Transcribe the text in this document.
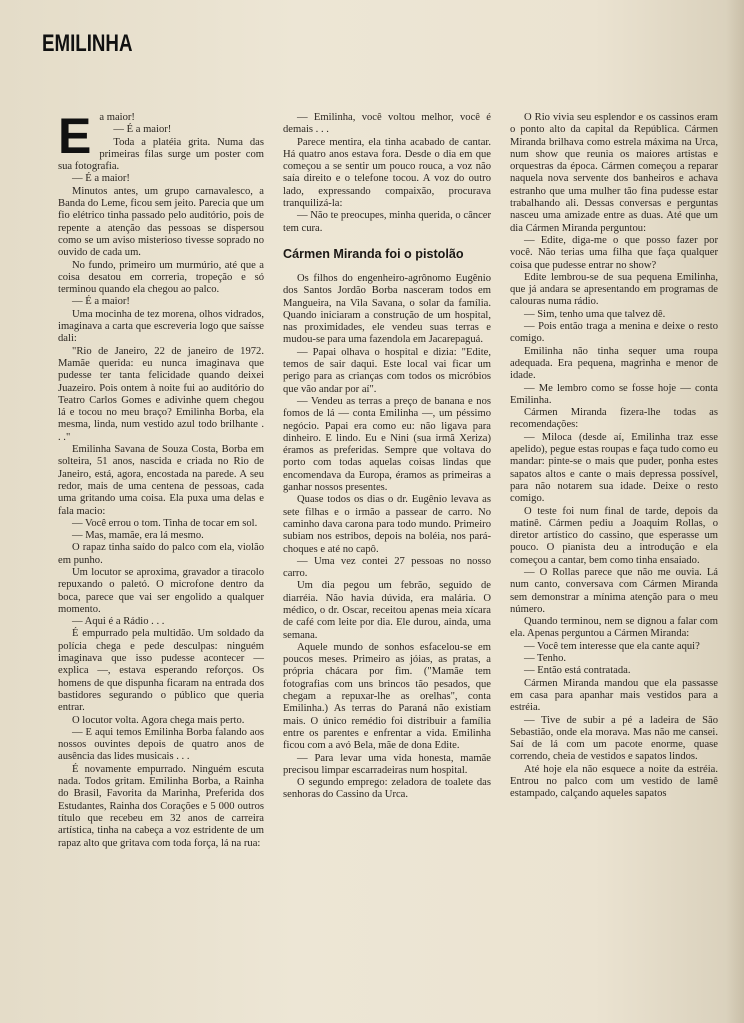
EMILINHA
E a maior!

— É a maior!

Toda a platéia grita. Numa das primeiras filas surge um poster com sua fotografia.

— É a maior!

Minutos antes, um grupo carnavalesco, a Banda do Leme, ficou sem jeito. Parecia que um fio elétrico tinha passado pelo auditório, pois de repente a atenção das pessoas se dispersou como se um aviso misterioso tivesse soprado no ouvido de cada um.

No fundo, primeiro um murmúrio, até que a coisa desatou em correria, tropeção e só terminou quando ela chegou ao palco.

— É a maior!

Uma mocinha de tez morena, olhos vidrados, imaginava a carta que escreveria logo que saísse dali:

"Rio de Janeiro, 22 de janeiro de 1972. Mamãe querida: eu nunca imaginava que pudesse ter tanta felicidade quando deixei Juazeiro. Pois ontem à noite fui ao auditório do Teatro Carlos Gomes e adivinhe quem chegou lá e tocou no meu braço? Emilinha Borba, ela mesma, linda, num vestido azul todo brilhante . . ."

Emilinha Savana de Souza Costa, Borba em solteira, 51 anos, nascida e criada no Rio de Janeiro, está, agora, encostada na parede. A seu redor, mais de uma centena de pessoas, cada uma gritando uma coisa. Ela puxa uma delas e fala macio:

— Você errou o tom. Tinha de tocar em sol.

— Mas, mamãe, era lá mesmo.

O rapaz tinha saído do palco com ela, violão em punho.

Um locutor se aproxima, gravador a tiracolo repuxando o paletó. O microfone dentro da boca, parece que vai ser engolido a qualquer momento.

— Aqui é a Rádio . . .

É empurrado pela multidão. Um soldado da polícia chega e pede desculpas: ninguém imaginava que isso pudesse acontecer — explica —, estava esperando reforços. Os homens de que dispunha ficaram na entrada dos bastidores segurando o público que queria entrar.

O locutor volta. Agora chega mais perto.

— E aqui temos Emilinha Borba falando aos nossos ouvintes depois de quatro anos de ausência das lides musicais . . .

É novamente empurrado. Ninguém escuta nada. Todos gritam. Emilinha Borba, a Rainha do Brasil, Favorita da Marinha, Preferida dos Estudantes, Rainha dos Corações e 5 000 outros título que recebeu em 32 anos de carreira artística, tinha na cabeça a voz estridente de um rapaz alto que gritava com toda força, lá na rua:

— Emilinha, você voltou melhor, você é demais . . .

Parece mentira, ela tinha acabado de cantar. Há quatro anos estava fora. Desde o dia em que começou a se sentir um pouco rouca, a voz não saía direito e o telefone tocou. A voz do outro lado, expressando compaixão, procurava tranquilizá-la:

— Não te preocupes, minha querida, o câncer tem cura.

Cármen Miranda foi o pistolão

Os filhos do engenheiro-agrônomo Eugênio dos Santos Jordão Borba nasceram todos em Mangueira, na Vila Savana, o solar da família. Quando iniciaram a construção de um hospital, nas proximidades, ele vendeu suas terras e mudou-se para uma fazendola em Jacarepaguá.

— Papai olhava o hospital e dizia: "Edite, temos de sair daqui. Este local vai ficar um perigo para as crianças com todos os micróbios que vão andar por aí".

— Vendeu as terras a preço de banana e nos fomos de lá — conta Emilinha —, um péssimo negócio. Papai era como eu: não ligava para dinheiro. E lindo. Eu e Nini (sua irmã Xeriza) éramos as preferidas. Sempre que voltava do porto com todas aquelas coisas lindas que encomendava da Europa, éramos as primeiras a ganhar nossos presentes.

Quase todos os dias o dr. Eugênio levava as sete filhas e o irmão a passear de carro. No caminho dava carona para todo mundo. Primeiro subiam nos estribos, depois na boléia, nos pará-choques e até no capô.

— Uma vez contei 27 pessoas no nosso carro.

Um dia pegou um febrão, seguido de diarréia. Não havia dúvida, era malária. O médico, o dr. Oscar, receitou apenas meia xícara de café com leite por dia. Ele durou, ainda, uma semana.

Aquele mundo de sonhos esfacelou-se em poucos meses. Primeiro as jóias, as pratas, a própria chácara por fim. ("Mamãe tem fotografias com uns brincos tão pesados, que chegam a repuxar-lhe as orelhas", conta Emilinha.) As terras do Paraná não existiam mais. O único remédio foi distribuir a família entre os parentes e enfrentar a vida. Emilinha ficou com a avó Bela, mãe de dona Edite.

— Para levar uma vida honesta, mamãe precisou limpar escarradeiras num hospital.

O segundo emprego: zeladora de toalete das senhoras do Cassino da Urca.

O Rio vivia seu esplendor e os cassinos eram o ponto alto da capital da República. Cármen Miranda brilhava como estrela máxima na Urca, num show que reunia os maiores artistas e orquestras da época. Cármen começou a reparar naquela nova servente dos banheiros e achava estranho que uma mulher tão fina pudesse estar trabalhando ali. Dessas conversas e perguntas nasceu uma amizade entre as duas. Até que um dia Cármen Miranda perguntou:

— Edite, diga-me o que posso fazer por você. Não terias uma filha que faça qualquer coisa que pudesse entrar no show?

Edite lembrou-se de sua pequena Emilinha, que já andara se apresentando em programas de calouras numa rádio.

— Sim, tenho uma que talvez dê.

— Pois então traga a menina e deixe o resto comigo.

Emilinha não tinha sequer uma roupa adequada. Era pequena, magrinha e menor de idade.

— Me lembro como se fosse hoje — conta Emilinha.

Cármen Miranda fizera-lhe todas as recomendações:

— Miloca (desde aí, Emilinha traz esse apelido), pegue estas roupas e faça tudo como eu mandar: pinte-se o mais que puder, ponha estes sapatos altos e cante o mais depressa possível, para não notarem sua idade. Deixe o resto comigo.

O teste foi num final de tarde, depois da matinê. Cármen pediu a Joaquim Rollas, o diretor artístico do cassino, que esperasse um pouco. O pianista deu a introdução e ela começou a cantar, bem como tinha ensaiado.

— O Rollas parece que não me ouvia. Lá num canto, conversava com Cármen Miranda sem demonstrar a mínima atenção para o meu número.

Quando terminou, nem se dignou a falar com ela. Apenas perguntou a Cármen Miranda:

— Você tem interesse que ela cante aqui?

— Tenho.

— Então está contratada.

Cármen Miranda mandou que ela passasse em casa para apanhar mais vestidos para a estréia.

— Tive de subir a pé a ladeira de São Sebastião, onde ela morava. Mas não me cansei. Saí de lá com um pacote enorme, quase correndo, cheia de vestidos e sapatos lindos.

Até hoje ela não esquece a noite da estréia. Entrou no palco com um vestido de lamê estampado, calçando aqueles sapatos
